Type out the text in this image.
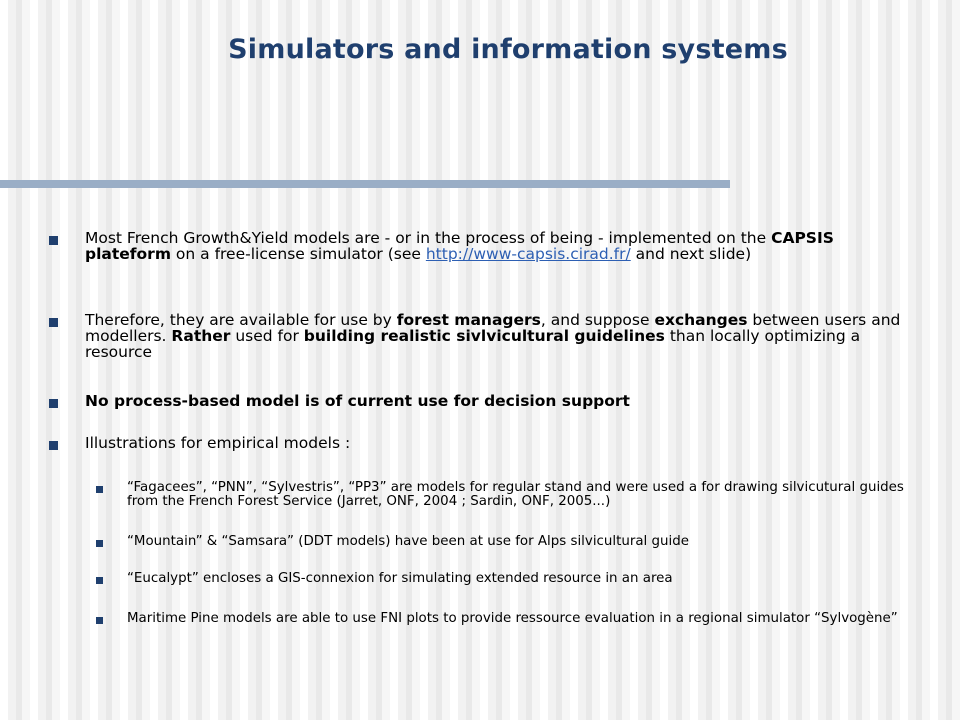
Simulators and information systems
Most French Growth&Yield models are - or in the process of being - implemented on the CAPSIS plateform on a free-license simulator (see http://www-capsis.cirad.fr/ and next slide)
Therefore, they are available for use by forest managers, and suppose exchanges between users and modellers. Rather used for building realistic sivlvicultural guidelines than locally optimizing a resource
No process-based model is of current use for decision support
Illustrations for empirical models :
“Fagacees”, “PNN”, “Sylvestris”, “PP3” are models for regular stand and were used a for drawing silvicutural guides from the French Forest Service (Jarret, ONF, 2004 ; Sardin, ONF, 2005...)
“Mountain” & “Samsara” (DDT models) have been at use for Alps silvicultural guide
“Eucalypt” encloses a GIS-connexion for simulating extended resource in an area
Maritime Pine models are able to use FNI plots to provide ressource evaluation in a regional simulator “Sylvogène”
